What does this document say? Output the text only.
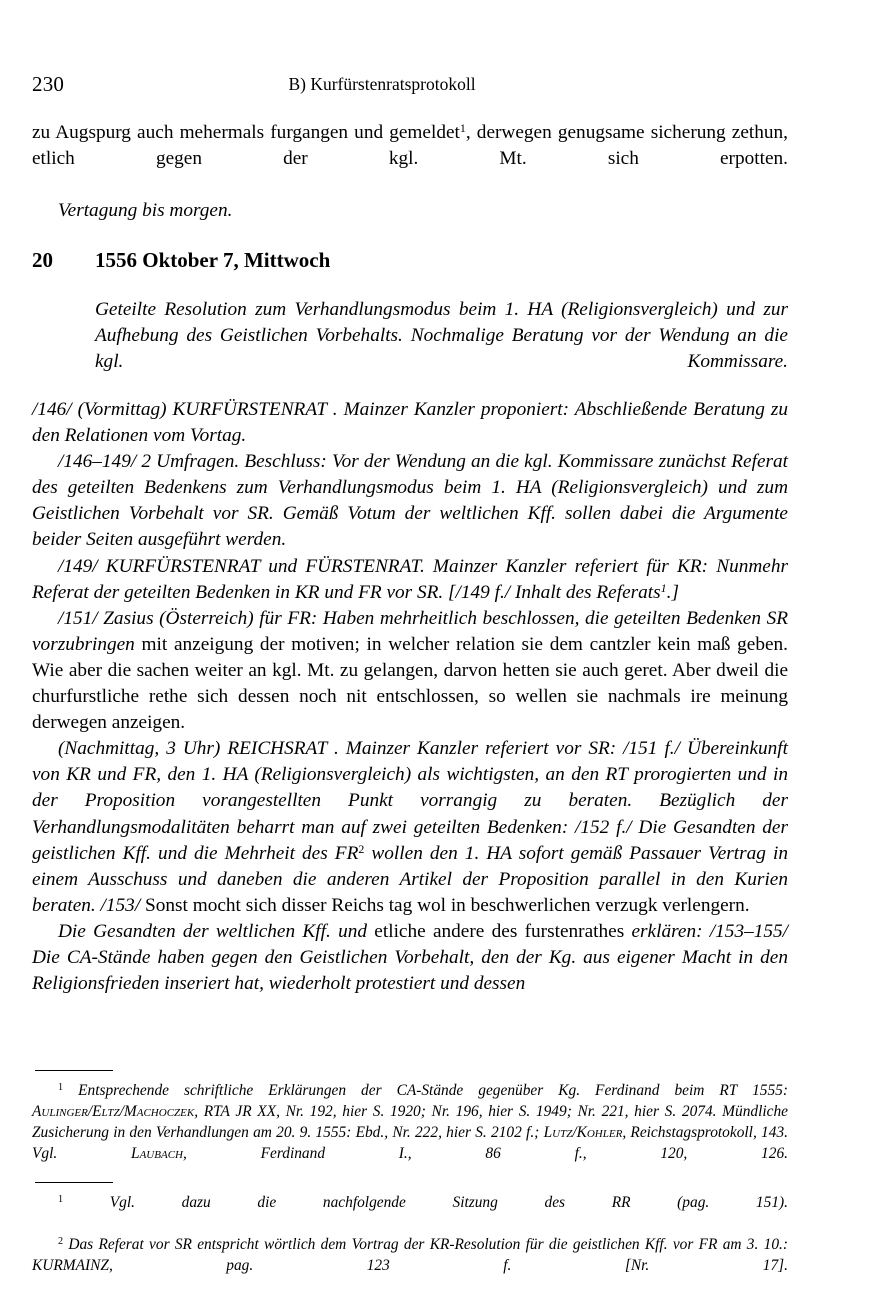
230	B) Kurfürstenratsprotokoll

zu Augspurg auch mehermals furgangen und gemeldet$^1$, derwegen genugsame sicherung zethun, etlich gegen der kgl. Mt. sich erpotten.

Vertagung bis morgen.

20 1556 Oktober 7, Mittwoch
Geteilte Resolution zum Verhandlungsmodus beim 1. HA (Religionsvergleich) und zur Aufhebung des Geistlichen Vorbehalts. Nochmalige Beratung vor der Wendung an die kgl. Kommissare.

/146/ (Vormittag) KURFÜRSTENRAT . Mainzer Kanzler proponiert: Abschließende Beratung zu den Relationen vom Vortag.

/146–149/ 2 Umfragen. Beschluss: Vor der Wendung an die kgl. Kommissare zunächst Referat des geteilten Bedenkens zum Verhandlungsmodus beim 1. HA (Religionsvergleich) und zum Geistlichen Vorbehalt vor SR. Gemäß Votum der weltlichen Kff. sollen dabei die Argumente beider Seiten ausgeführt werden.

/149/ KURFÜRSTENRAT und FÜRSTENRAT. Mainzer Kanzler referiert für KR: Nunmehr Referat der geteilten Bedenken in KR und FR vor SR. [/149 f./ Inhalt des Referats$^1$.]

/151/ Zasius (Österreich) für FR: Haben mehrheitlich beschlossen, die geteilten Bedenken SR vorzubringen mit anzeigung der motiven; in welcher relation sie dem cantzler kein maß geben. Wie aber die sachen weiter an kgl. Mt. zu gelangen, darvon hetten sie auch geret. Aber dweil die churfurstliche rethe sich dessen noch nit entschlossen, so wellen sie nachmals ire meinung derwegen anzeigen.

(Nachmittag, 3 Uhr) REICHSRAT . Mainzer Kanzler referiert vor SR: /151 f./ Übereinkunft von KR und FR, den 1. HA (Religionsvergleich) als wichtigsten, an den RT prorogierten und in der Proposition vorangestellten Punkt vorrangig zu beraten. Bezüglich der Verhandlungsmodalitäten beharrt man auf zwei geteilten Bedenken: /152 f./ Die Gesandten der geistlichen Kff. und die Mehrheit des FR$^2$ wollen den 1. HA sofort gemäß Passauer Vertrag in einem Ausschuss und daneben die anderen Artikel der Proposition parallel in den Kurien beraten. /153/ Sonst mocht sich disser Reichs tag wol in beschwerlichen verzugk verlengern.

Die Gesandten der weltlichen Kff. und etliche andere des furstenrathes erklären: /153–155/ Die CA-Stände haben gegen den Geistlichen Vorbehalt, den der Kg. aus eigener Macht in den Religionsfrieden inseriert hat, wiederholt protestiert und dessen

$^1$ Entsprechende schriftliche Erklärungen der CA-Stände gegenüber Kg. Ferdinand beim RT 1555: Aulinger/Eltz/Machoczek, RTA JR XX, Nr. 192, hier S. 1920; Nr. 196, hier S. 1949; Nr. 221, hier S. 2074. Mündliche Zusicherung in den Verhandlungen am 20. 9. 1555: Ebd., Nr. 222, hier S. 2102 f.; Lutz/Kohler, Reichstagsprotokoll, 143. Vgl.	Laubach, Ferdinand I., 86 f., 120, 126.

$^1$	Vgl. dazu die nachfolgende Sitzung des RR (pag. 151).

$^2$ Das Referat vor SR entspricht wörtlich dem Vortrag der KR-Resolution für die geistlichen Kff. vor FR am 3. 10.: KURMAINZ, pag. 123 f. [Nr. 17].
